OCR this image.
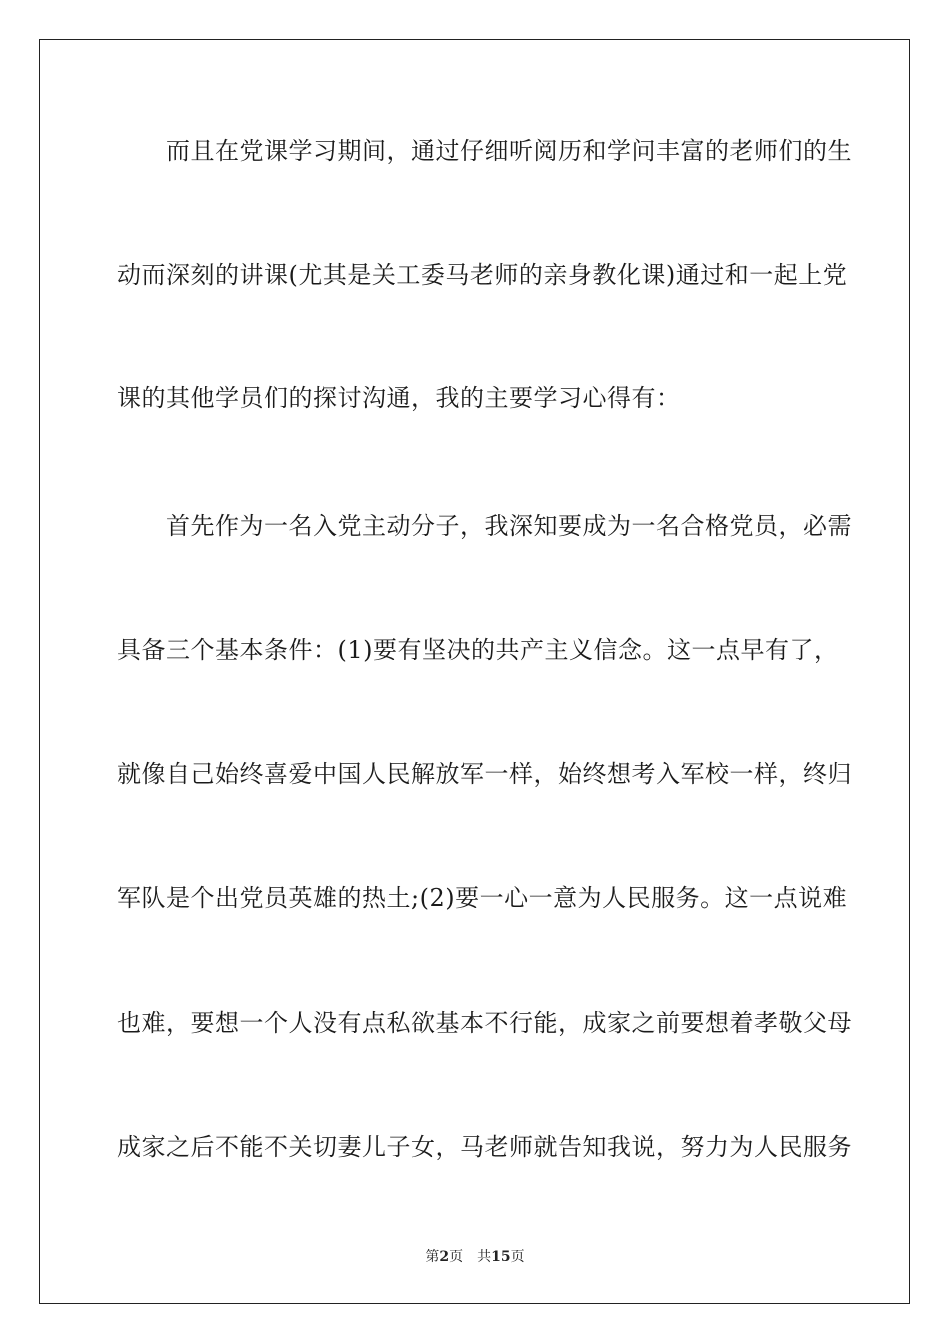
而且在党课学习期间，通过仔细听阅历和学问丰富的老师们的生
动而深刻的讲课(尤其是关工委马老师的亲身教化课)通过和一起上党
课的其他学员们的探讨沟通，我的主要学习心得有：
首先作为一名入党主动分子，我深知要成为一名合格党员，必需
具备三个基本条件：(1)要有坚决的共产主义信念。这一点早有了，
就像自己始终喜爱中国人民解放军一样，始终想考入军校一样，终归
军队是个出党员英雄的热土;(2)要一心一意为人民服务。这一点说难
也难，要想一个人没有点私欲基本不行能，成家之前要想着孝敬父母
成家之后不能不关切妻儿子女，马老师就告知我说，努力为人民服务
第2页 共15页
